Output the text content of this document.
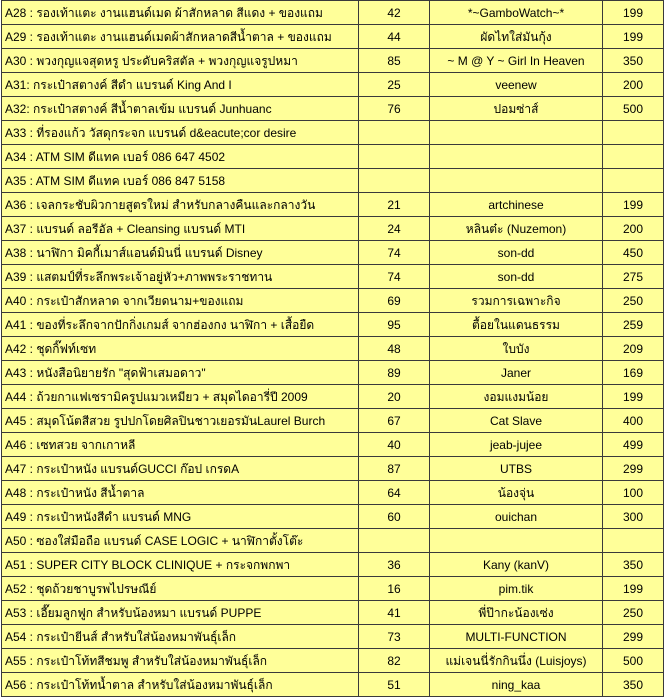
A28 : รองเท้าแตะ งานแฮนด์เมด ผ้าสักหลาด สีแดง + ของแถม	42	*~GamboWatch~*	199
A29 : รองเท้าแตะ งานแฮนด์เมดผ้าสักหลาดสีน้ำตาล + ของแถม	44	ผัดไทใส่มันกุ้ง	199
A30 : พวงกุญแจสุดหรู ประดับคริสตัล + พวงกุญแจรูปหมา	85	~ M @ Y ~ Girl In Heaven	350
A31: กระเป๋าสตางค์ สีดำ แบรนด์ King And I	25	veenew	200
A32: กระเป๋าสตางค์ สีน้ำตาลเข้ม แบรนด์ Junhuanc	76	ปอมซ่าส์	500
A33 : ที่รองแก้ว วัสดุกระจก แบรนด์ d&eacute;cor desire			
A34 : ATM SIM ดีแทค เบอร์ 086 647 4502			
A35 : ATM SIM ดีแทค เบอร์ 086 847 5158			
A36 : เจลกระชับผิวกายสูตรใหม่ สำหรับกลางคืนและกลางวัน	21	artchinese	199
A37 : แบรนด์ ลอรีอัล + Cleansing แบรนด์ MTI	24	หลินต๋ะ (Nuzemon)	200
A38 : นาฬิกา มิคกี้เมาส์แอนด์มินนี่ แบรนด์ Disney	74	son-dd	450
A39 : แสตมป์ที่ระลึกพระเจ้าอยู่หัว+ภาพพระราชทาน	74	son-dd	275
A40 : กระเป๋าสักหลาด จากเวียดนาม+ของแถม	69	รวมการเฉพาะกิจ	250
A41 : ของที่ระลึกจากปักกิ่งเกมส์ จากฮ่องกง นาฬิกา + เสื้อยืด	95	ตื้อยในแดนธรรม	259
A42 : ชุดกิ๊ฟท์เซท	48	ใบบัง	209
A43 : หนังสือนิยายรัก "สุดฟ้าเสมอดาว"	89	Janer	169
A44 : ถ้วยกาแฟเซรามิครูปแมวเหมียว + สมุดไดอารี่ปี 2009	20	งอมแงมน้อย	199
A45 : สมุดโน้ตสีสวย รูปปกโดยศิลปินชาวเยอรมันLaurel Burch	67	Cat Slave	400
A46 : เซทสวย จากเกาหลี	40	jeab-jujee	499
A47 : กระเป๋าหนัง แบรนด์GUCCI ก๊อป เกรดA	87	UTBS	299
A48 : กระเป๋าหนัง สีน้ำตาล	64	น้องจุ่น	100
A49 : กระเป๋าหนังสีดำ แบรนด์ MNG	60	ouichan	300
A50 : ซองใส่มือถือ แบรนด์ CASE LOGIC + นาฬิกาตั้งโต๊ะ			
A51 : SUPER CITY BLOCK CLINIQUE + กระจกพกพา	36	Kany (kanV)	350
A52 : ชุดถ้วยชาบูรพไปรษณีย์	16	pim.tik	199
A53 : เอี๊ยมลูกฟูก สำหรับน้องหมา แบรนด์ PUPPE	41	พี่ป๊ากะน้องเซ่ง	250
A54 : กระเป๋ายีนส์ สำหรับใส่น้องหมาพันธุ์เล็ก	73	MULTI-FUNCTION	299
A55 : กระเป๋าโท้ทสีชมพู สำหรับใส่น้องหมาพันธุ์เล็ก	82	แม่เจนนี่รักกินนึ่ง (Luisjoys)	500
A56 : กระเป๋าโท้ทน้ำตาล สำหรับใส่น้องหมาพันธุ์เล็ก	51	ning_kaa	350
